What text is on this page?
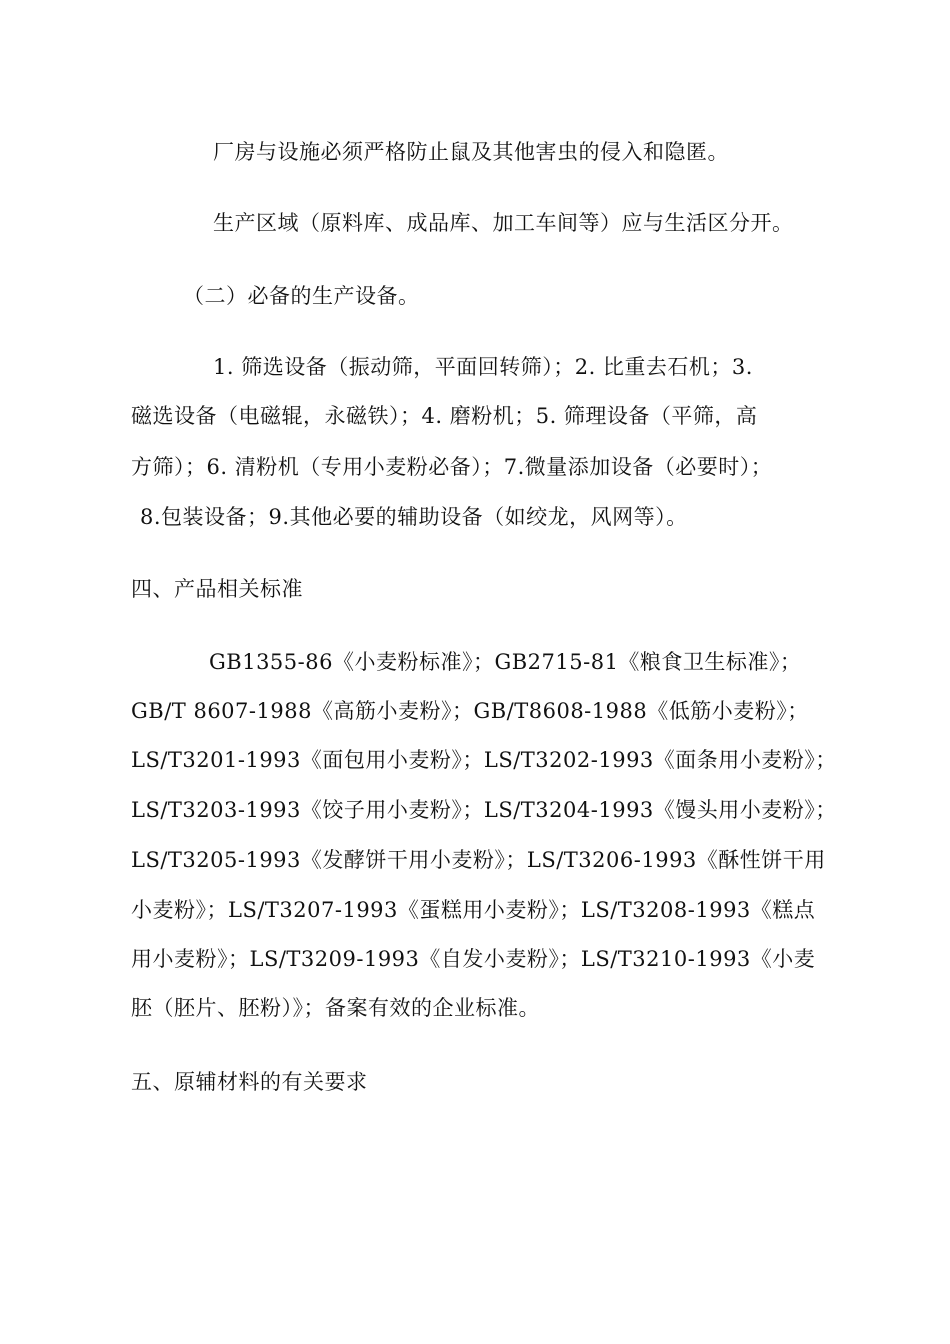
厂房与设施必须严格防止鼠及其他害虫的侵入和隐匿。
生产区域（原料库、成品库、加工车间等）应与生活区分开。
（二）必备的生产设备。
1. 筛选设备（振动筛，平面回转筛）；2. 比重去石机；3.
磁选设备（电磁辊，永磁铁）；4. 磨粉机；5. 筛理设备（平筛，高
方筛）；6. 清粉机（专用小麦粉必备）；7.微量添加设备（必要时）；
8.包装设备；9.其他必要的辅助设备（如绞龙，风网等）。
四、产品相关标准
GB1355-86《小麦粉标准》；GB2715-81《粮食卫生标准》；
GB/T 8607-1988《高筋小麦粉》；GB/T8608-1988《低筋小麦粉》；
LS/T3201-1993《面包用小麦粉》；LS/T3202-1993《面条用小麦粉》；
LS/T3203-1993《饺子用小麦粉》；LS/T3204-1993《馒头用小麦粉》；
LS/T3205-1993《发酵饼干用小麦粉》；LS/T3206-1993《酥性饼干用
小麦粉》；LS/T3207-1993《蛋糕用小麦粉》；LS/T3208-1993《糕点
用小麦粉》；LS/T3209-1993《自发小麦粉》；LS/T3210-1993《小麦
胚（胚片、胚粉）》；备案有效的企业标准。
五、原辅材料的有关要求
